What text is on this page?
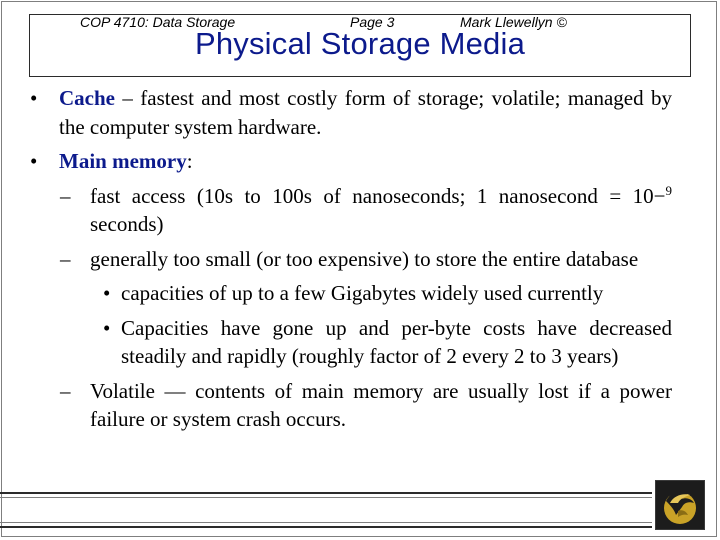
Physical Storage Media

• Cache – fastest and most costly form of storage; volatile; managed by the computer system hardware.

• Main memory:

– fast access (10s to 100s of nanoseconds; 1 nanosecond = 10−$^9$ seconds)

– generally too small (or too expensive) to store the entire database

• capacities of up to a few Gigabytes widely used currently

• Capacities have gone up and per-byte costs have decreased steadily and rapidly (roughly factor of 2 every 2 to 3 years)

– Volatile — contents of main memory are usually lost if a power failure or system crash occurs.

COP 4710: Data Storage	Page 3	Mark Llewellyn ©
